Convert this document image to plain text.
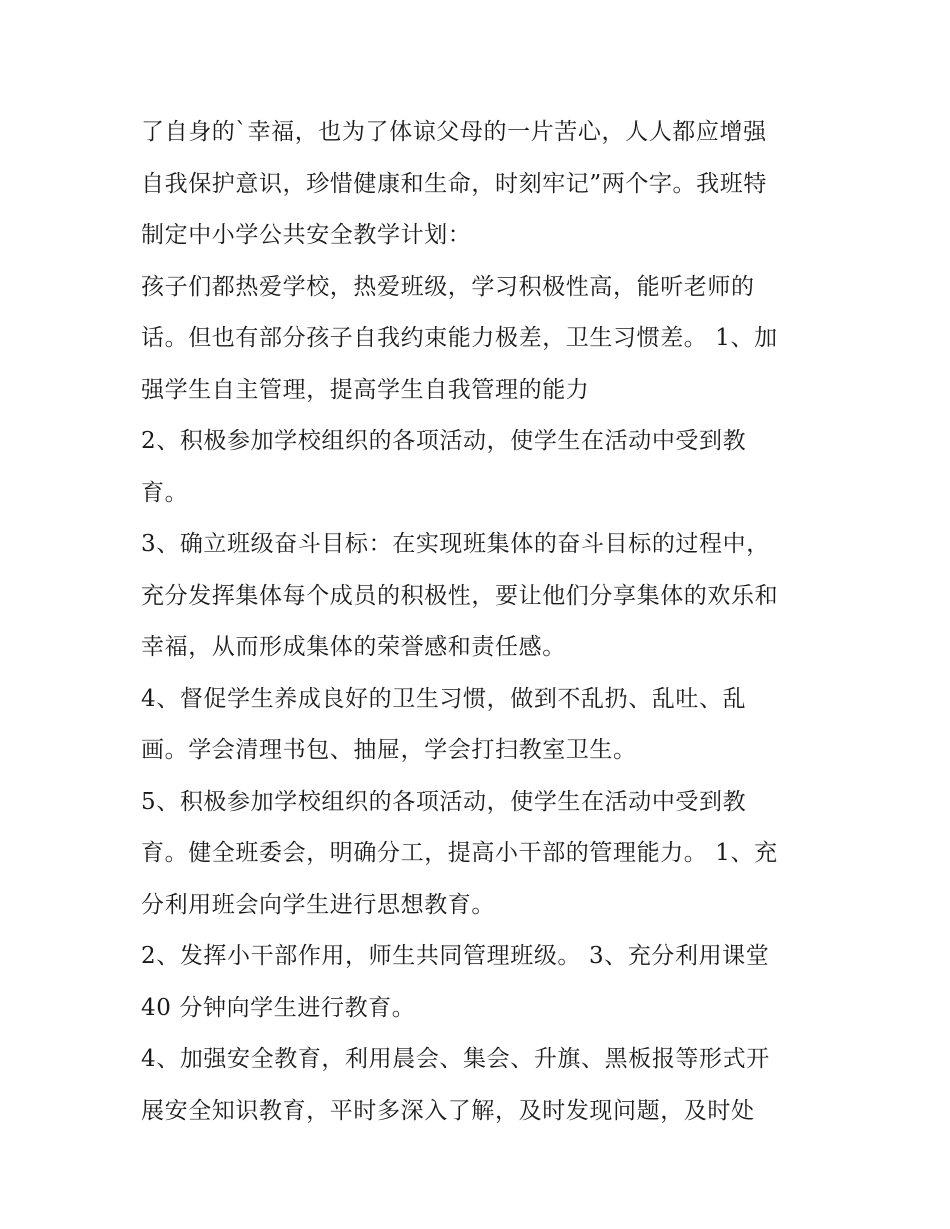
了自身的`幸福，也为了体谅父母的一片苦心，人人都应增强
自我保护意识，珍惜健康和生命，时刻牢记”两个字。我班特
制定中小学公共安全教学计划：
孩子们都热爱学校，热爱班级，学习积极性高，能听老师的
话。但也有部分孩子自我约束能力极差，卫生习惯差。 1、加
强学生自主管理，提高学生自我管理的能力
2、积极参加学校组织的各项活动，使学生在活动中受到教
育。
3、确立班级奋斗目标：在实现班集体的奋斗目标的过程中，
充分发挥集体每个成员的积极性，要让他们分享集体的欢乐和
幸福，从而形成集体的荣誉感和责任感。
4、督促学生养成良好的卫生习惯，做到不乱扔、乱吐、乱
画。学会清理书包、抽屉，学会打扫教室卫生。
5、积极参加学校组织的各项活动，使学生在活动中受到教
育。健全班委会，明确分工，提高小干部的管理能力。 1、充
分利用班会向学生进行思想教育。
2、发挥小干部作用，师生共同管理班级。 3、充分利用课堂
40 分钟向学生进行教育。
4、加强安全教育，利用晨会、集会、升旗、黑板报等形式开
展安全知识教育，平时多深入了解，及时发现问题，及时处
